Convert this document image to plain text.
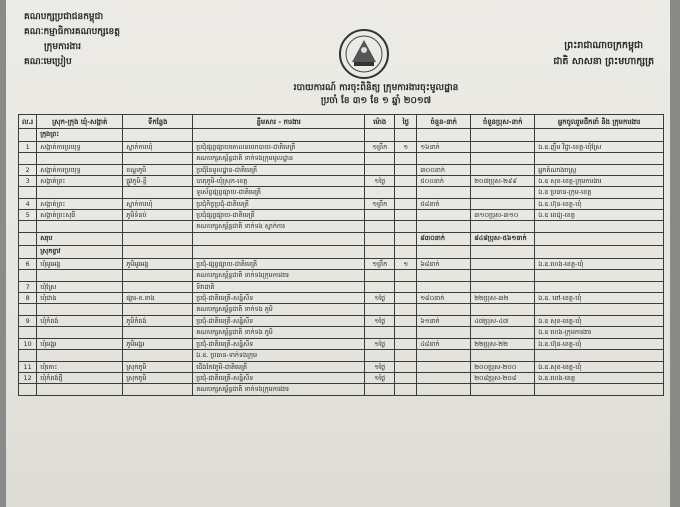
គណបក្សប្រជាជនកម្ពុជា
គណៈកម្មាធិការគណបក្សខេត្ត
ក្រុមការងារ
គណៈមេប្រៀប
ព្រះរាជាណាចក្រកម្ពុជា
ជាតិ សាសនា ព្រះមហាក្សត្រ
របាយការណ៍ ការចុះពិនិត្យ ក្រុមការងារចុះមូលដ្ឋាន
ប្រចាំ ខែ ៣១ ខែ ១ ឆ្នាំ ២០១៧
ល.រ	ស្រុក-ក្រុង ឃុំ-សង្កាត់	ទីកន្លែង	ខ្លឹមសារ - ការងារ	ម៉ោង	ថ្ងៃ	ចំនួន-នាក់	ចំនួនប្រុស-នាក់	អ្នកចូលរួមដឹកនាំ និង ក្រុមការងារ
	ក្រុងព្រះ							
1	សង្កាត់ការប្រយុទ្ធ	ស្នាក់ការឃុំ	ប្រជុំផ្សព្វផ្សាយគោលនយោបាយ-ជាតិមេត្រី	១ព្រឹក	១	១៦នាក់		ឯ.ឧ.ញឹម វិជ្ជា-ខេត្ត-ឃុំស្រែ
			គណបក្សសម្ព័ន្ធជាតិ ទាក់ទងក្រុមមូលដ្ឋាន					
2	សង្កាត់ការប្រយុទ្ធ	ខណ្ឌភូមិ	ប្រជុំនៃមូលដ្ឋាន-ជាតិមេត្រី			៣០០នាក់		អ្នកតំណាងរាស្ត្រ
3	សង្កាត់ព្រះ	ផ្លូវភូមិ-ខ្លី	បាតុភូមិ-ឃុំស្រុក-ខេត្ត	១ថ្ងៃ		៥០០នាក់	២០៧ប្រុស-២៩៩	ឯ.ឧ សុខ-ខេត្ត-ក្រុមការងារ
			ទូរស័ព្ទផ្សព្វផ្សាយ-ជាតិមេត្រី					ឯ.ឧ ប្រធាន-ក្រុម-ខេត្ត
4	សង្កាត់ព្រះ	ស្នាក់ការឃុំ	ប្រជុំកិច្ចប្រជុំ-ជាតិមេត្រី	១ព្រឹក		៥៨នាក់		ឯ.ឧ.ហ៊ុន-ខេត្ត-ឃុំ
5	សង្កាត់ព្រះសុធី	ភូមិទំនប់	ប្រជុំផ្សព្វផ្សាយ-ជាតិមេត្រី				៣១០ប្រុស-៣១០	ឯ.ឧ ពេជ្យ-ខេត្ត
			គណបក្សសម្ព័ន្ធជាតិ ទាក់ទង ស្នាក់ការ					
	សរុប					៨៣០នាក់	៨៤៨ប្រុស-៥៦១នាក់	
	ស្រុកខ្វាវ							
6	ឃុំអូរអង្គ	ភូមិអូរអង្គ	ប្រជុំ-ផ្សព្វផ្សាយ-ជាតិមេត្រី	១ព្រឹក	១	៦៨នាក់		ឯ.ឧ.ហេង-ខេត្ត-ឃុំ
			គណបក្សសម្ព័ន្ធជាតិ ទាក់ទងក្រុមការងារ					
7	ឃុំស្រែ		ទិវាជាតិ					
8	ឃុំជាង	ផ្សារ-ខ.ខាង	ប្រជុំ-ជាតិមេត្រី-សន្និសីទ	១ថ្ងៃ		១៨០នាក់	២២ប្រុស-៣២	ឯ.ឧ. ពៅ-ខេត្ត-ឃុំ
			គណបក្សសម្ព័ន្ធជាតិ ទាក់ទង ភូមិ					
9	ឃុំកំពង់	ភូមិកំពង់	ប្រជុំ-ជាតិមេត្រី-សន្និសីទ	១ថ្ងៃ		៦១នាក់	៤៧ប្រុស-៤៧	ឯ.ឧ សុខ-ខេត្ត-ឃុំ
			គណបក្សសម្ព័ន្ធជាតិ ទាក់ទង ភូមិ					ឯ.ឧ ហេង-ក្រុមការងារ
10	ឃុំអង្គរ	ភូមិអង្គរ	ប្រជុំ-ជាតិមេត្រី-សន្និសីទ	១ថ្ងៃ		៤៨នាក់	២២ប្រុស-២២	ឯ.ឧ.ហ៊ុន-ខេត្ត-ឃុំ
			ឯ.ឧ. ប្រធាន-ទាក់ទងក្រុម					
11	ឃុំកោះ	ស្រុកភូមិ	ជើងកែវភូមិ-ជាតិមេត្រី	១ថ្ងៃ			២០០ប្រុស-២០០	ឯ.ឧ.សុខ-ខេត្ត-ឃុំ
12	ឃុំកំពង់ថ្មី	ស្រុកភូមិ	ប្រជុំ-ជាតិមេត្រី-សន្និសីទ	១ថ្ងៃ			២០៨ប្រុស-២០៨	ឯ.ឧ.ហេង-ខេត្ត
			គណបក្សសម្ព័ន្ធជាតិ ទាក់ទងក្រុមការងារ					
